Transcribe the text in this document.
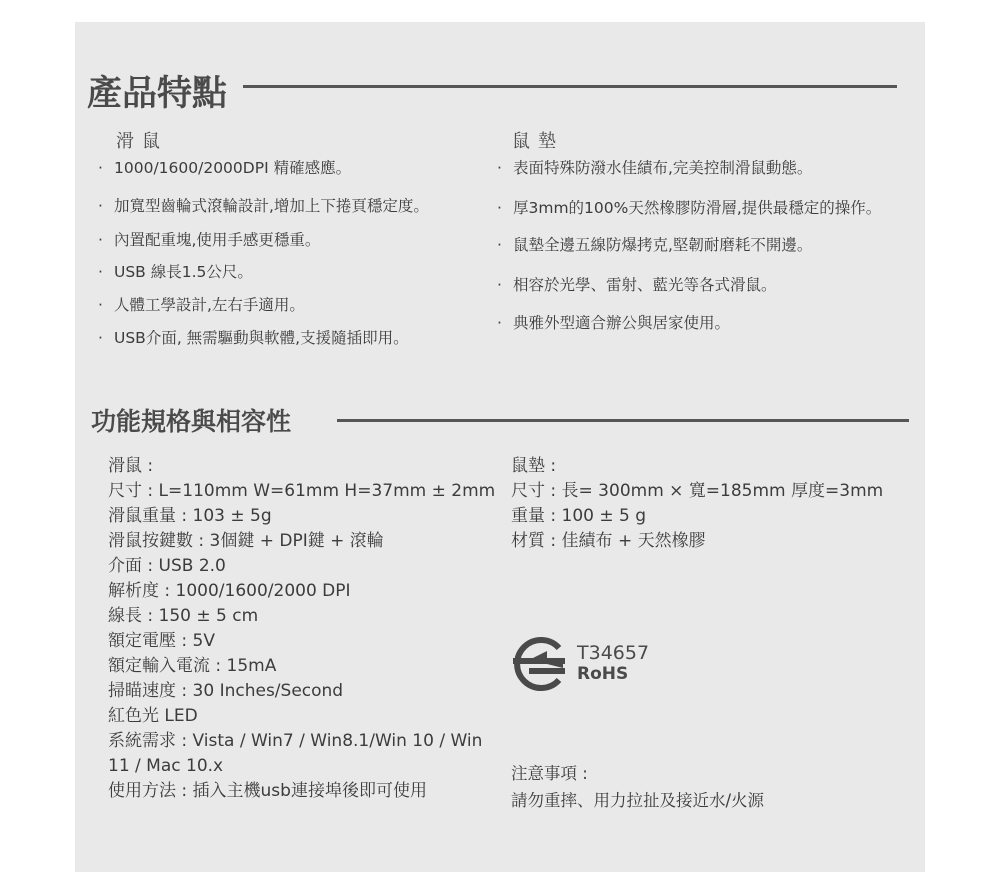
產品特點
滑鼠
· 1000/1600/2000DPI 精確感應。
· 加寬型齒輪式滾輪設計,增加上下捲頁穩定度。
· 內置配重塊,使用手感更穩重。
· USB 線長1.5公尺。
· 人體工學設計,左右手適用。
· USB介面, 無需驅動與軟體,支援隨插即用。
鼠墊
· 表面特殊防潑水佳績布,完美控制滑鼠動態。
· 厚3mm的100%天然橡膠防滑層,提供最穩定的操作。
· 鼠墊全邊五線防爆拷克,堅韌耐磨耗不開邊。
· 相容於光學、雷射、藍光等各式滑鼠。
· 典雅外型適合辦公與居家使用。
功能規格與相容性
滑鼠 :
尺寸 : L=110mm W=61mm H=37mm ± 2mm
滑鼠重量 : 103 ± 5g
滑鼠按鍵數 : 3個鍵 + DPI鍵 + 滾輪
介面 : USB 2.0
解析度 : 1000/1600/2000 DPI
線長 : 150 ± 5 cm
額定電壓 : 5V
額定輸入電流 : 15mA
掃瞄速度 : 30 Inches/Second
紅色光 LED
系統需求 : Vista / Win7 / Win8.1/Win 10 / Win 11 / Mac 10.x
使用方法 : 插入主機usb連接埠後即可使用
鼠墊 :
尺寸 : 長= 300mm × 寬=185mm 厚度=3mm
重量 : 100 ± 5 g
材質 : 佳績布 + 天然橡膠
T34657
RoHS
注意事項 :
請勿重摔、用力拉扯及接近水/火源
